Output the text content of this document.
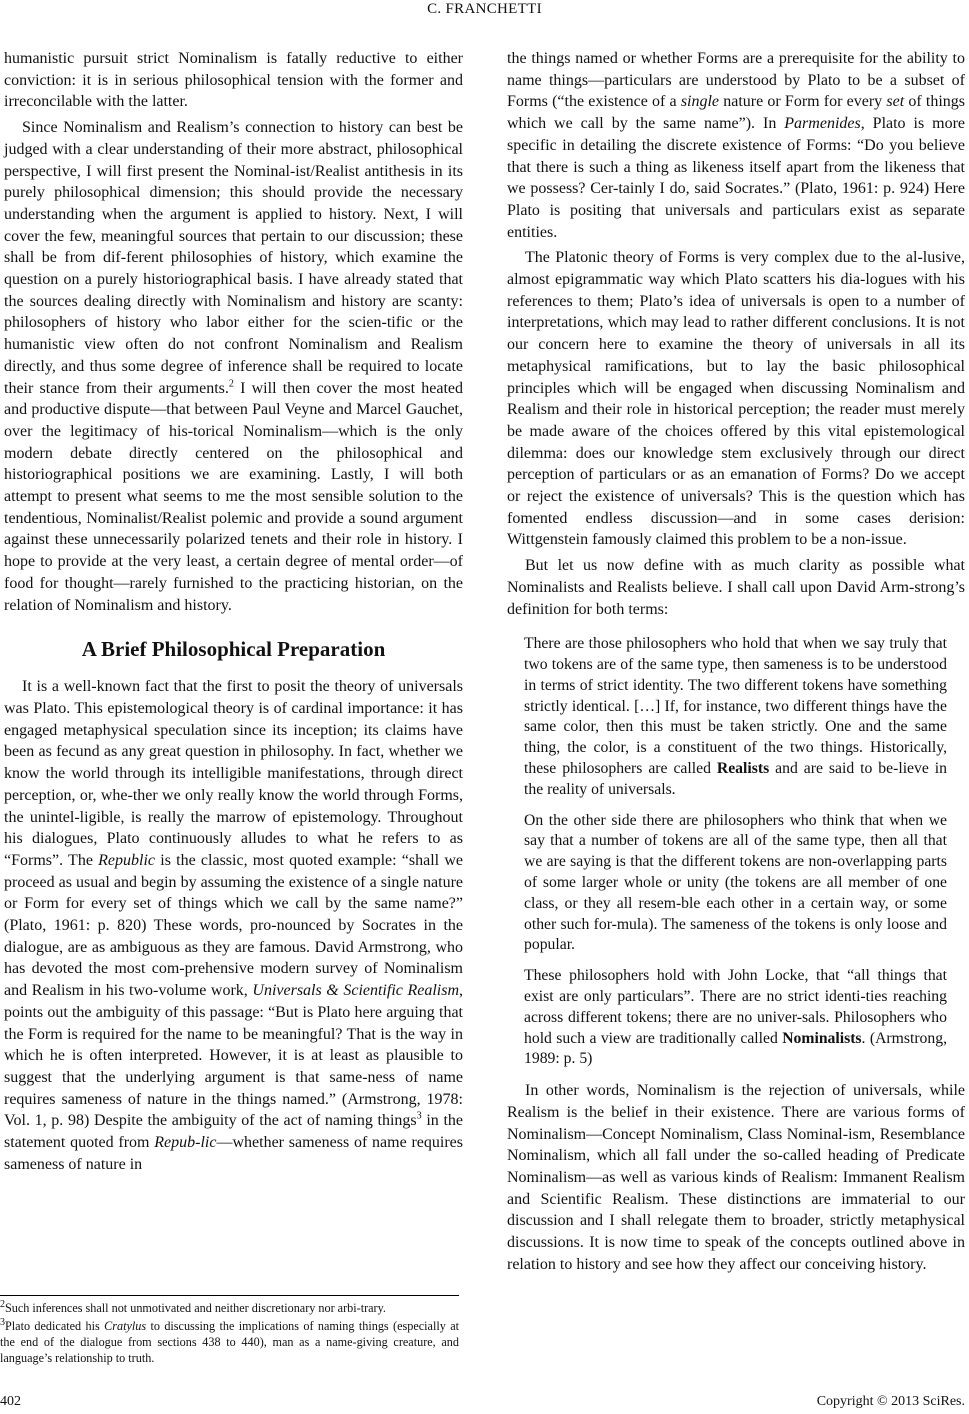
C. FRANCHETTI

humanistic pursuit strict Nominalism is fatally reductive to either conviction: it is in serious philosophical tension with the former and irreconcilable with the latter.

Since Nominalism and Realism’s connection to history can best be judged with a clear understanding of their more abstract, philosophical perspective, I will first present the Nominal-ist/Realist antithesis in its purely philosophical dimension; this should provide the necessary understanding when the argument is applied to history. Next, I will cover the few, meaningful sources that pertain to our discussion; these shall be from dif-ferent philosophies of history, which examine the question on a purely historiographical basis. I have already stated that the sources dealing directly with Nominalism and history are scanty: philosophers of history who labor either for the scien-tific or the humanistic view often do not confront Nominalism and Realism directly, and thus some degree of inference shall be required to locate their stance from their arguments.$^2$ I will then cover the most heated and productive dispute—that between Paul Veyne and Marcel Gauchet, over the legitimacy of his-torical Nominalism—which is the only modern debate directly centered on the philosophical and historiographical positions we are examining. Lastly, I will both attempt to present what seems to me the most sensible solution to the tendentious, Nominalist/Realist polemic and provide a sound argument against these unnecessarily polarized tenets and their role in history. I hope to provide at the very least, a certain degree of mental order—of food for thought—rarely furnished to the practicing historian, on the relation of Nominalism and history.

A Brief Philosophical Preparation

It is a well-known fact that the first to posit the theory of universals was Plato. This epistemological theory is of cardinal importance: it has engaged metaphysical speculation since its inception; its claims have been as fecund as any great question in philosophy. In fact, whether we know the world through its intelligible manifestations, through direct perception, or, whe-ther we only really know the world through Forms, the unintel-ligible, is really the marrow of epistemology. Throughout his dialogues, Plato continuously alludes to what he refers to as “Forms”. The Republic is the classic, most quoted example: “shall we proceed as usual and begin by assuming the existence of a single nature or Form for every set of things which we call by the same name?” (Plato, 1961: p. 820) These words, pro-nounced by Socrates in the dialogue, are as ambiguous as they are famous. David Armstrong, who has devoted the most com-prehensive modern survey of Nominalism and Realism in his two-volume work, Universals & Scientific Realism, points out the ambiguity of this passage: “But is Plato here arguing that the Form is required for the name to be meaningful? That is the way in which he is often interpreted. However, it is at least as plausible to suggest that the underlying argument is that same-ness of name requires sameness of nature in the things named.” (Armstrong, 1978: Vol. 1, p. 98) Despite the ambiguity of the act of naming things$^3$ in the statement quoted from Repub-lic—whether sameness of name requires sameness of nature in

$^2$Such inferences shall not unmotivated and neither discretionary nor arbi-trary.

$^3$Plato dedicated his Cratylus to discussing the implications of naming things (especially at the end of the dialogue from sections 438 to 440), man as a name-giving creature, and language’s relationship to truth.

the things named or whether Forms are a prerequisite for the ability to name things—particulars are understood by Plato to be a subset of Forms (“the existence of a single nature or Form for every set of things which we call by the same name”). In Parmenides, Plato is more specific in detailing the discrete existence of Forms: “Do you believe that there is such a thing as likeness itself apart from the likeness that we possess? Cer-tainly I do, said Socrates.” (Plato, 1961: p. 924) Here Plato is positing that universals and particulars exist as separate entities.

The Platonic theory of Forms is very complex due to the al-lusive, almost epigrammatic way which Plato scatters his dia-logues with his references to them; Plato’s idea of universals is open to a number of interpretations, which may lead to rather different conclusions. It is not our concern here to examine the theory of universals in all its metaphysical ramifications, but to lay the basic philosophical principles which will be engaged when discussing Nominalism and Realism and their role in historical perception; the reader must merely be made aware of the choices offered by this vital epistemological dilemma: does our knowledge stem exclusively through our direct perception of particulars or as an emanation of Forms? Do we accept or reject the existence of universals? This is the question which has fomented endless discussion—and in some cases derision: Wittgenstein famously claimed this problem to be a non-issue.

But let us now define with as much clarity as possible what Nominalists and Realists believe. I shall call upon David Arm-strong’s definition for both terms:

There are those philosophers who hold that when we say truly that two tokens are of the same type, then sameness is to be understood in terms of strict identity. The two different tokens have something strictly identical. […] If, for instance, two different things have the same color, then this must be taken strictly. One and the same thing, the color, is a constituent of the two things. Historically, these philosophers are called Realists and are said to be-lieve in the reality of universals.

On the other side there are philosophers who think that when we say that a number of tokens are all of the same type, then all that we are saying is that the different tokens are non-overlapping parts of some larger whole or unity (the tokens are all member of one class, or they all resem-ble each other in a certain way, or some other such for-mula). The sameness of the tokens is only loose and popular.

These philosophers hold with John Locke, that “all things that exist are only particulars”. There are no strict identi-ties reaching across different tokens; there are no univer-sals. Philosophers who hold such a view are traditionally called Nominalists. (Armstrong, 1989: p. 5)

In other words, Nominalism is the rejection of universals, while Realism is the belief in their existence. There are various forms of Nominalism—Concept Nominalism, Class Nominal-ism, Resemblance Nominalism, which all fall under the so-called heading of Predicate Nominalism—as well as various kinds of Realism: Immanent Realism and Scientific Realism. These distinctions are immaterial to our discussion and I shall relegate them to broader, strictly metaphysical discussions. It is now time to speak of the concepts outlined above in relation to history and see how they affect our conceiving history.

402	Copyright © 2013 SciRes.
